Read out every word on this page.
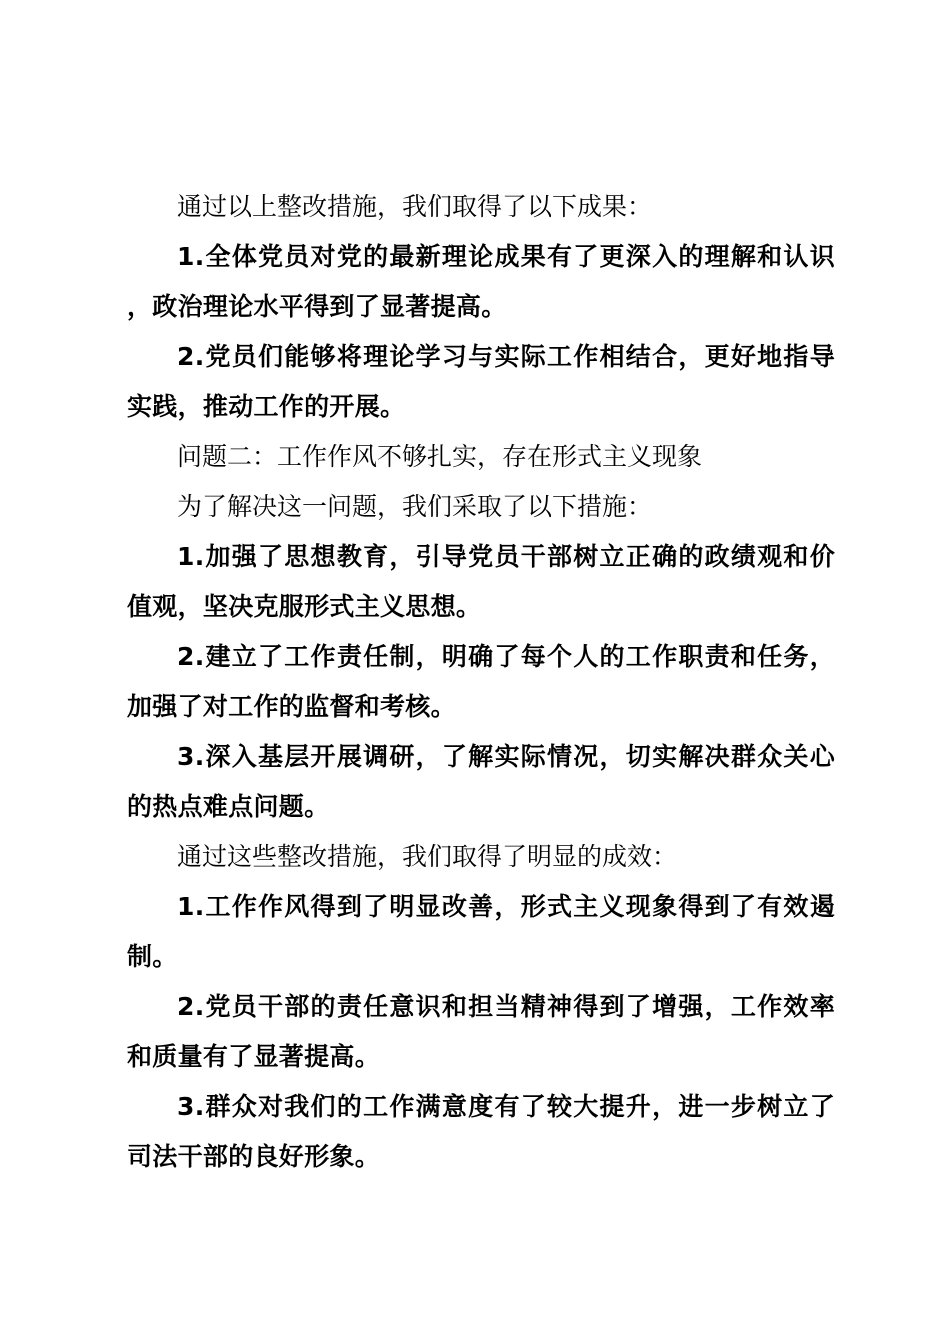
通过以上整改措施，我们取得了以下成果：

1.全体党员对党的最新理论成果有了更深入的理解和认识，政治理论水平得到了显著提高。

2.党员们能够将理论学习与实际工作相结合，更好地指导实践，推动工作的开展。

问题二：工作作风不够扎实，存在形式主义现象

为了解决这一问题，我们采取了以下措施：

1.加强了思想教育，引导党员干部树立正确的政绩观和价值观，坚决克服形式主义思想。

2.建立了工作责任制，明确了每个人的工作职责和任务，加强了对工作的监督和考核。

3.深入基层开展调研，了解实际情况，切实解决群众关心的热点难点问题。

通过这些整改措施，我们取得了明显的成效：

1.工作作风得到了明显改善，形式主义现象得到了有效遏制。

2.党员干部的责任意识和担当精神得到了增强，工作效率和质量有了显著提高。

3.群众对我们的工作满意度有了较大提升，进一步树立了司法干部的良好形象。
